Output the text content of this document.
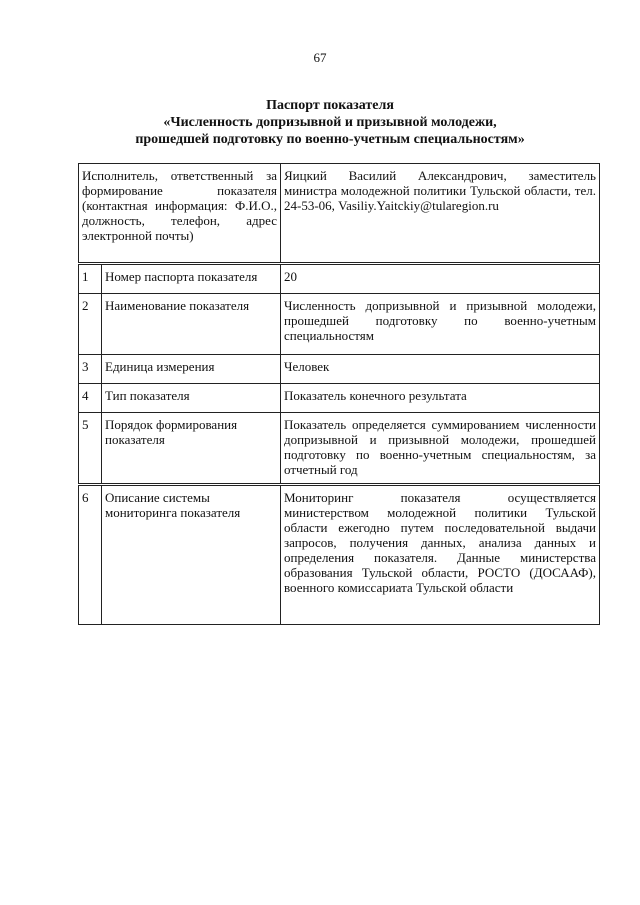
67
Паспорт показателя
«Численность допризывной и призывной молодежи,
прошедшей подготовку по военно-учетным специальностям»
Исполнитель, ответственный за формирование показателя (контактная информация: Ф.И.О., должность, телефон, адрес электронной почты)		Яицкий Василий Александрович, заместитель министра молодежной политики Тульской области, тел. 24-53-06, Vasiliy.Yaitckiy@tularegion.ru
1	Номер паспорта показателя	20
2	Наименование показателя	Численность допризывной и призывной молодежи, прошедшей подготовку по военно-учетным специальностям
3	Единица измерения	Человек
4	Тип показателя	Показатель конечного результата
5	Порядок формирования показателя	Показатель определяется суммированием численности допризывной и призывной молодежи, прошедшей подготовку по военно-учетным специальностям, за отчетный год
6	Описание системы мониторинга показателя	Мониторинг показателя осуществляется министерством молодежной политики Тульской области ежегодно путем последовательной выдачи запросов, получения данных, анализа данных и определения показателя. Данные министерства образования Тульской области, РОСТО (ДОСААФ), военного комиссариата Тульской области
